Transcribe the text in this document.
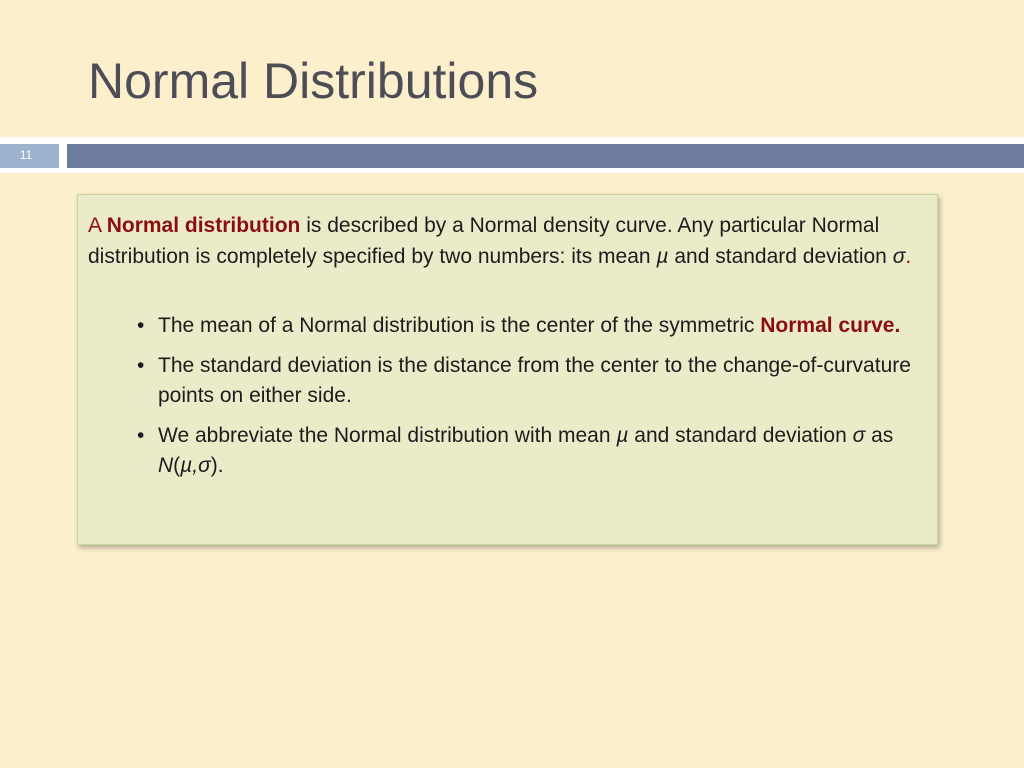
Normal Distributions
11
A Normal distribution is described by a Normal density curve. Any particular Normal distribution is completely specified by two numbers: its mean µ and standard deviation σ.
• The mean of a Normal distribution is the center of the symmetric Normal curve.
• The standard deviation is the distance from the center to the change-of-curvature points on either side.
• We abbreviate the Normal distribution with mean µ and standard deviation σ as N(µ,σ).
